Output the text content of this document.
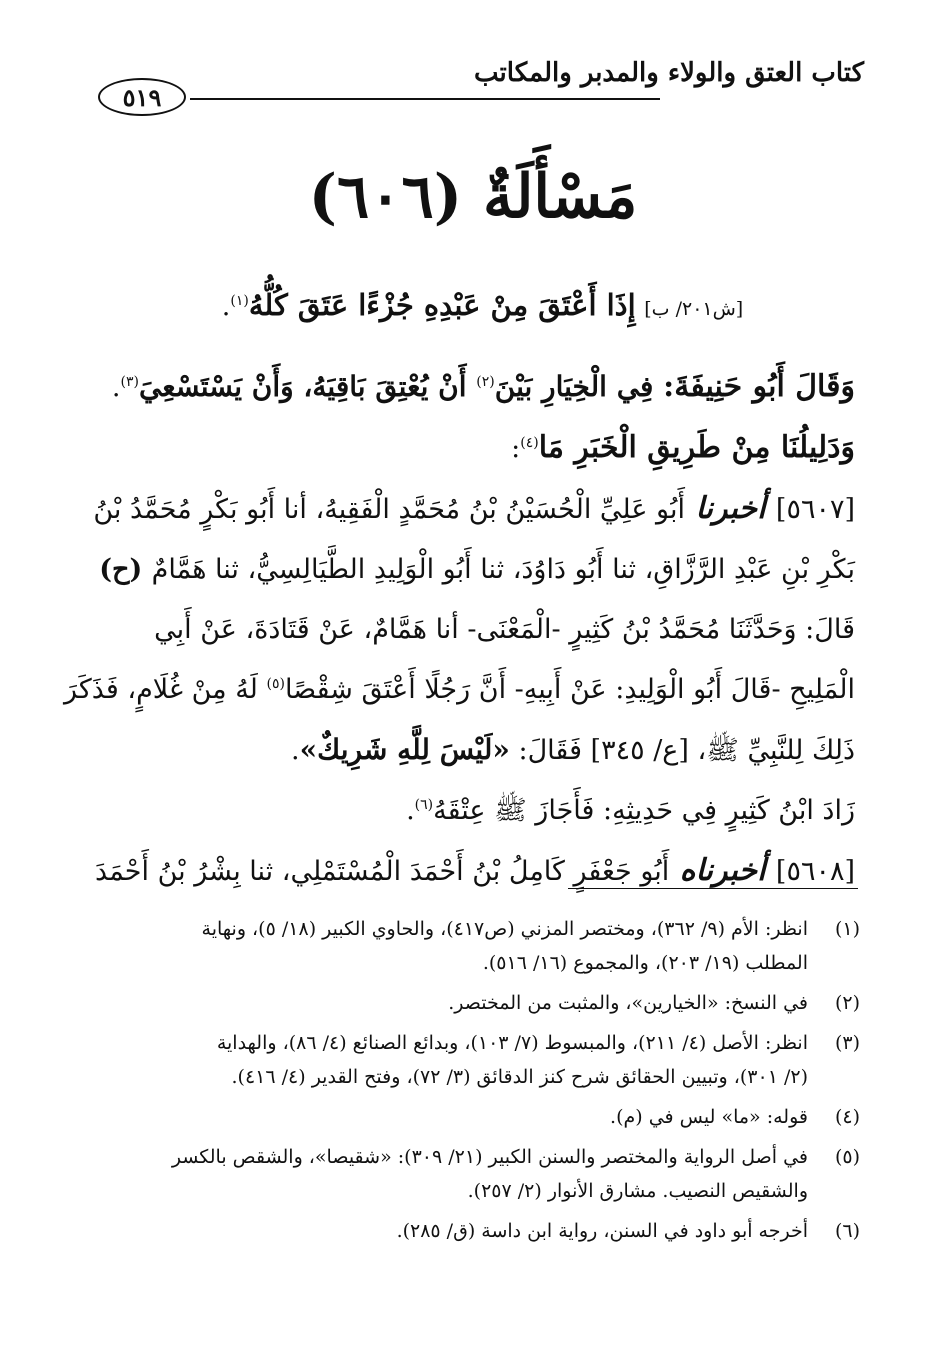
كتاب العتق والولاء والمدبر والمكاتب
٥١٩
مَسْأَلَةٌ (٦٠٦)

[ش٢٠١/ ب] إِذَا أَعْتَقَ مِنْ عَبْدِهِ جُزْءًا عَتَقَ كُلُّهُ$^{(١)}$.

وَقَالَ أَبُو حَنِيفَةَ: فِي الْخِيَارِ بَيْنَ$^{(٢)}$ أَنْ يُعْتِقَ بَاقِيَهُ، وَأَنْ يَسْتَسْعِيَ$^{(٣)}$.

وَدَلِيلُنَا مِنْ طَرِيقِ الْخَبَرِ مَا$^{(٤)}$:

[٥٦٠٧] أخبرنا أَبُو عَلِيِّ الْحُسَيْنُ بْنُ مُحَمَّدٍ الْفَقِيهُ، أنا أَبُو بَكْرٍ مُحَمَّدُ بْنُ

بَكْرِ بْنِ عَبْدِ الرَّزَّاقِ، ثنا أَبُو دَاوُدَ، ثنا أَبُو الْوَلِيدِ الطَّيَالِسِيُّ، ثنا هَمَّامٌ (ح)

قَالَ: وَحَدَّثَنَا مُحَمَّدُ بْنُ كَثِيرٍ -الْمَعْنَى- أنا هَمَّامٌ، عَنْ قَتَادَةَ، عَنْ أَبِي

الْمَلِيحِ -قَالَ أَبُو الْوَلِيدِ: عَنْ أَبِيهِ- أَنَّ رَجُلًا أَعْتَقَ شِقْصًا$^{(٥)}$ لَهُ مِنْ غُلَامٍ، فَذَكَرَ

ذَلِكَ لِلنَّبِيِّ ﷺ، [ع/ ٣٤٥] فَقَالَ: «لَيْسَ لِلَّهِ شَرِيكٌ».

زَادَ ابْنُ كَثِيرٍ فِي حَدِيثِهِ: فَأَجَازَ ﷺ عِتْقَهُ$^{(٦)}$.

[٥٦٠٨] أخبرناه أَبُو جَعْفَرٍ كَامِلُ بْنُ أَحْمَدَ الْمُسْتَمْلِي، ثنا بِشْرُ بْنُ أَحْمَدَ

(١)
انظر: الأم (٩/ ٣٦٢)، ومختصر المزني (ص٤١٧)، والحاوي الكبير (١٨/ ٥)، ونهاية
المطلب (١٩/ ٢٠٣)، والمجموع (١٦/ ٥١٦).
(٢)
في النسخ: «الخيارين»، والمثبت من المختصر.
(٣)
انظر: الأصل (٤/ ٢١١)، والمبسوط (٧/ ١٠٣)، وبدائع الصنائع (٤/ ٨٦)، والهداية
(٢/ ٣٠١)، وتبيين الحقائق شرح كنز الدقائق (٣/ ٧٢)، وفتح القدير (٤/ ٤١٦).
(٤)
قوله: «ما» ليس في (م).
(٥)
في أصل الرواية والمختصر والسنن الكبير (٢١/ ٣٠٩): «شقيصا»، والشقص بالكسر
والشقيص النصيب. مشارق الأنوار (٢/ ٢٥٧).
(٦)
أخرجه أبو داود في السنن، رواية ابن داسة (ق/ ٢٨٥).
